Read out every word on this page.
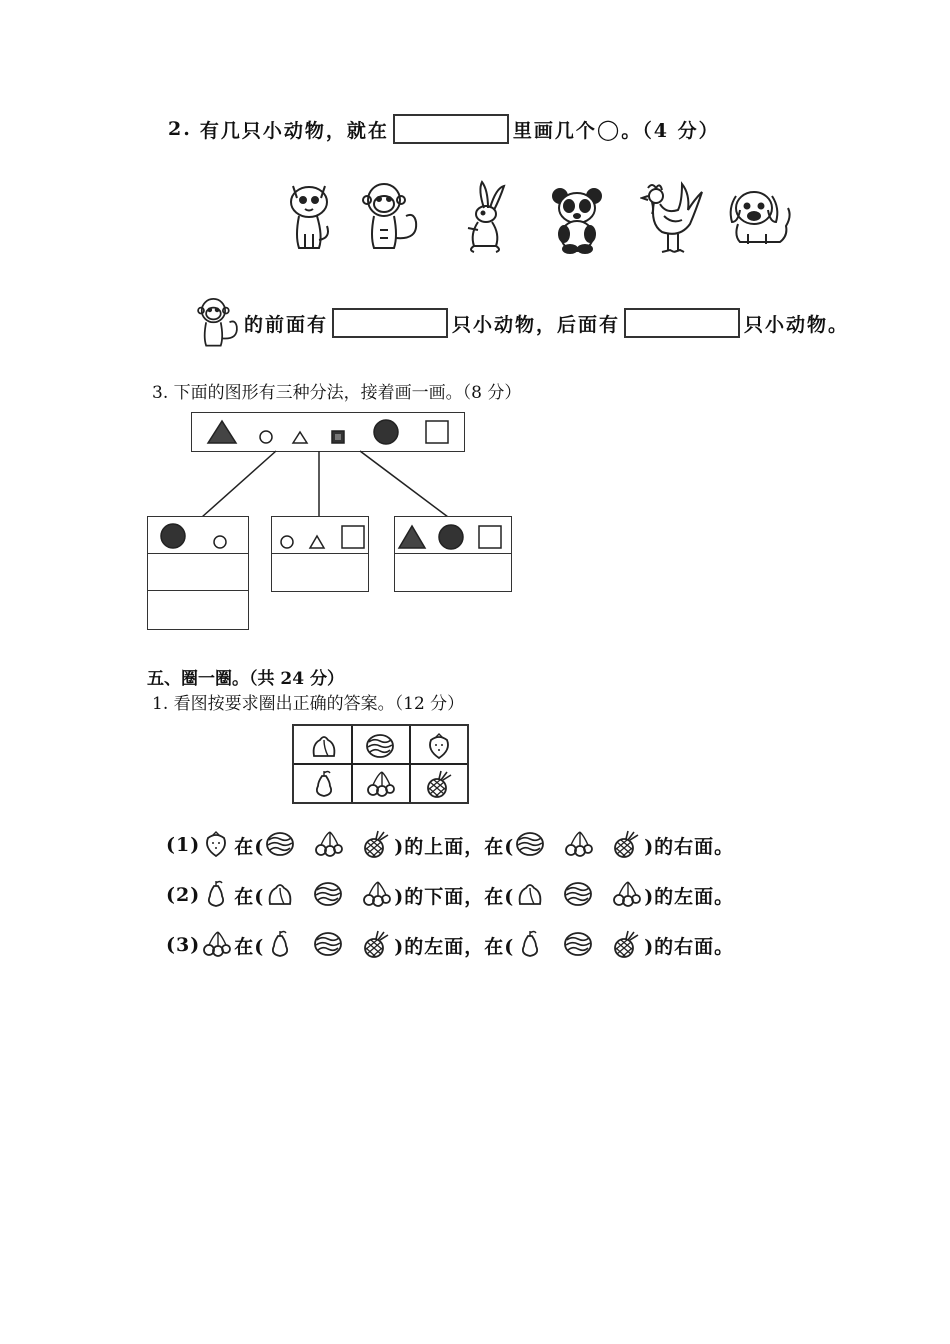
2. 有几只小动物，就在	里画几个 ◯ 。（4 分）
的前面有	只小动物，后面有	只小动物。
3. 下面的图形有三种分法，接着画一画。（8 分）
五、圈一圈。（共 24 分）
1. 看图按要求圈出正确的答案。（12 分）
(1) 在(	)的上面，在(	)的右面。
(2) 在(	)的下面，在(	)的左面。
(3) 在(	)的左面，在(	)的右面。
